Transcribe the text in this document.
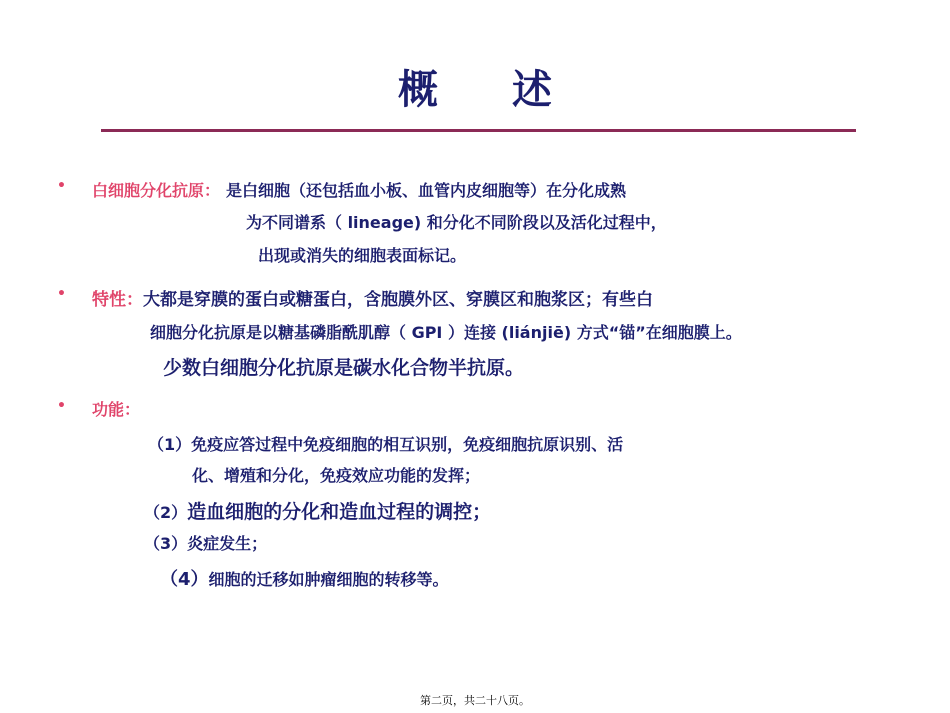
概 述
• 白细胞分化抗原： 是白细胞（还包括血小板、血管内皮细胞等）在分化成熟
为不同谱系（ lineage) 和分化不同阶段以及活化过程中，
出现或消失的细胞表面标记。
• 特性：大都是穿膜的蛋白或糖蛋白，含胞膜外区、穿膜区和胞浆区；有些白
细胞分化抗原是以糖基磷脂酰肌醇（ GPI ）连接 (liánjiē) 方式“锚”在细胞膜上。
少数白细胞分化抗原是碳水化合物半抗原。
• 功能：
（1）免疫应答过程中免疫细胞的相互识别，免疫细胞抗原识别、活
化、增殖和分化，免疫效应功能的发挥；
（2）造血细胞的分化和造血过程的调控；
（3）炎症发生；
（4）细胞的迁移如肿瘤细胞的转移等。
第二页，共二十八页。
